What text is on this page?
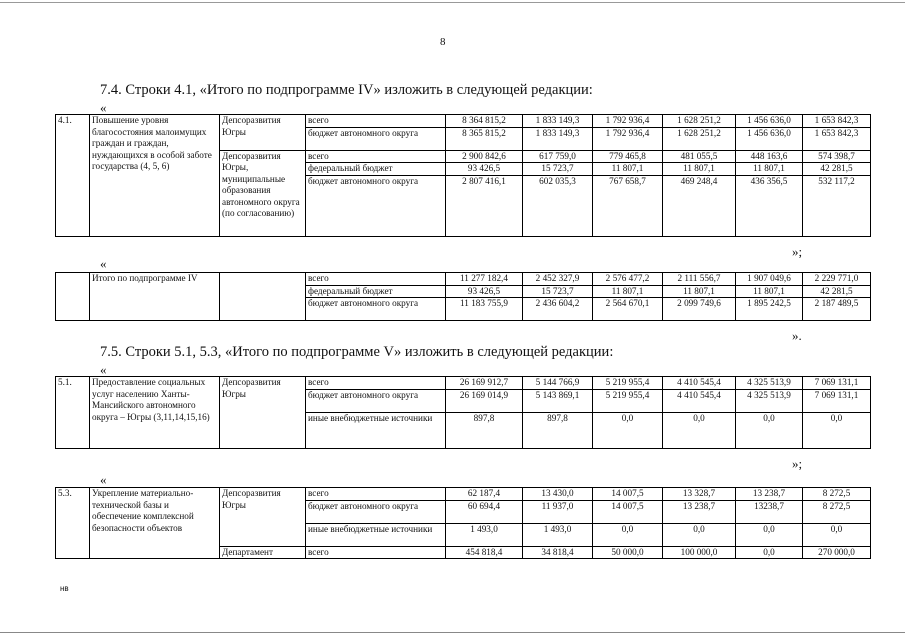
8
7.4. Строки 4.1, «Итого по подпрограмме IV» изложить в следующей редакции:
«
4.1.	Повышение уровня благосостояния малоимущих граждан и граждан, нуждающихся в особой заботе государства (4, 5, 6)	Депсоразвития Югры	всего	8 364 815,2	1 833 149,3	1 792 936,4	1 628 251,2	1 456 636,0	1 653 842,3
			бюджет автономного округа	8 365 815,2	1 833 149,3	1 792 936,4	1 628 251,2	1 456 636,0	1 653 842,3
		Депсоразвития Югры, муниципальные образования автономного округа (по согласованию)	всего	2 900 842,6	617 759,0	779 465,8	481 055,5	448 163,6	574 398,7
			федеральный бюджет	93 426,5	15 723,7	11 807,1	11 807,1	11 807,1	42 281,5
			бюджет автономного округа	2 807 416,1	602 035,3	767 658,7	469 248,4	436 356,5	532 117,2
»;
«
	Итого по подпрограмме IV		всего	11 277 182,4	2 452 327,9	2 576 477,2	2 111 556,7	1 907 049,6	2 229 771,0
			федеральный бюджет	93 426,5	15 723,7	11 807,1	11 807,1	11 807,1	42 281,5
			бюджет автономного округа	11 183 755,9	2 436 604,2	2 564 670,1	2 099 749,6	1 895 242,5	2 187 489,5
».
7.5. Строки 5.1, 5.3, «Итого по подпрограмме V» изложить в следующей редакции:
«
5.1.	Предоставление социальных услуг населению Ханты-Мансийского автономного округа – Югры (3,11,14,15,16)	Депсоразвития Югры	всего	26 169 912,7	5 144 766,9	5 219 955,4	4 410 545,4	4 325 513,9	7 069 131,1
			бюджет автономного округа	26 169 014,9	5 143 869,1	5 219 955,4	4 410 545,4	4 325 513,9	7 069 131,1
			иные внебюджетные источники	897,8	897,8	0,0	0,0	0,0	0,0
»;
«
5.3.	Укрепление материально-технической базы и обеспечение комплексной безопасности объектов	Депсоразвития Югры	всего	62 187,4	13 430,0	14 007,5	13 328,7	13 238,7	8 272,5
			бюджет автономного округа	60 694,4	11 937,0	14 007,5	13 238,7	13238,7	8 272,5
			иные внебюджетные источники	1 493,0	1 493,0	0,0	0,0	0,0	0,0
		Департамент	всего	454 818,4	34 818,4	50 000,0	100 000,0	0,0	270 000,0
нв
